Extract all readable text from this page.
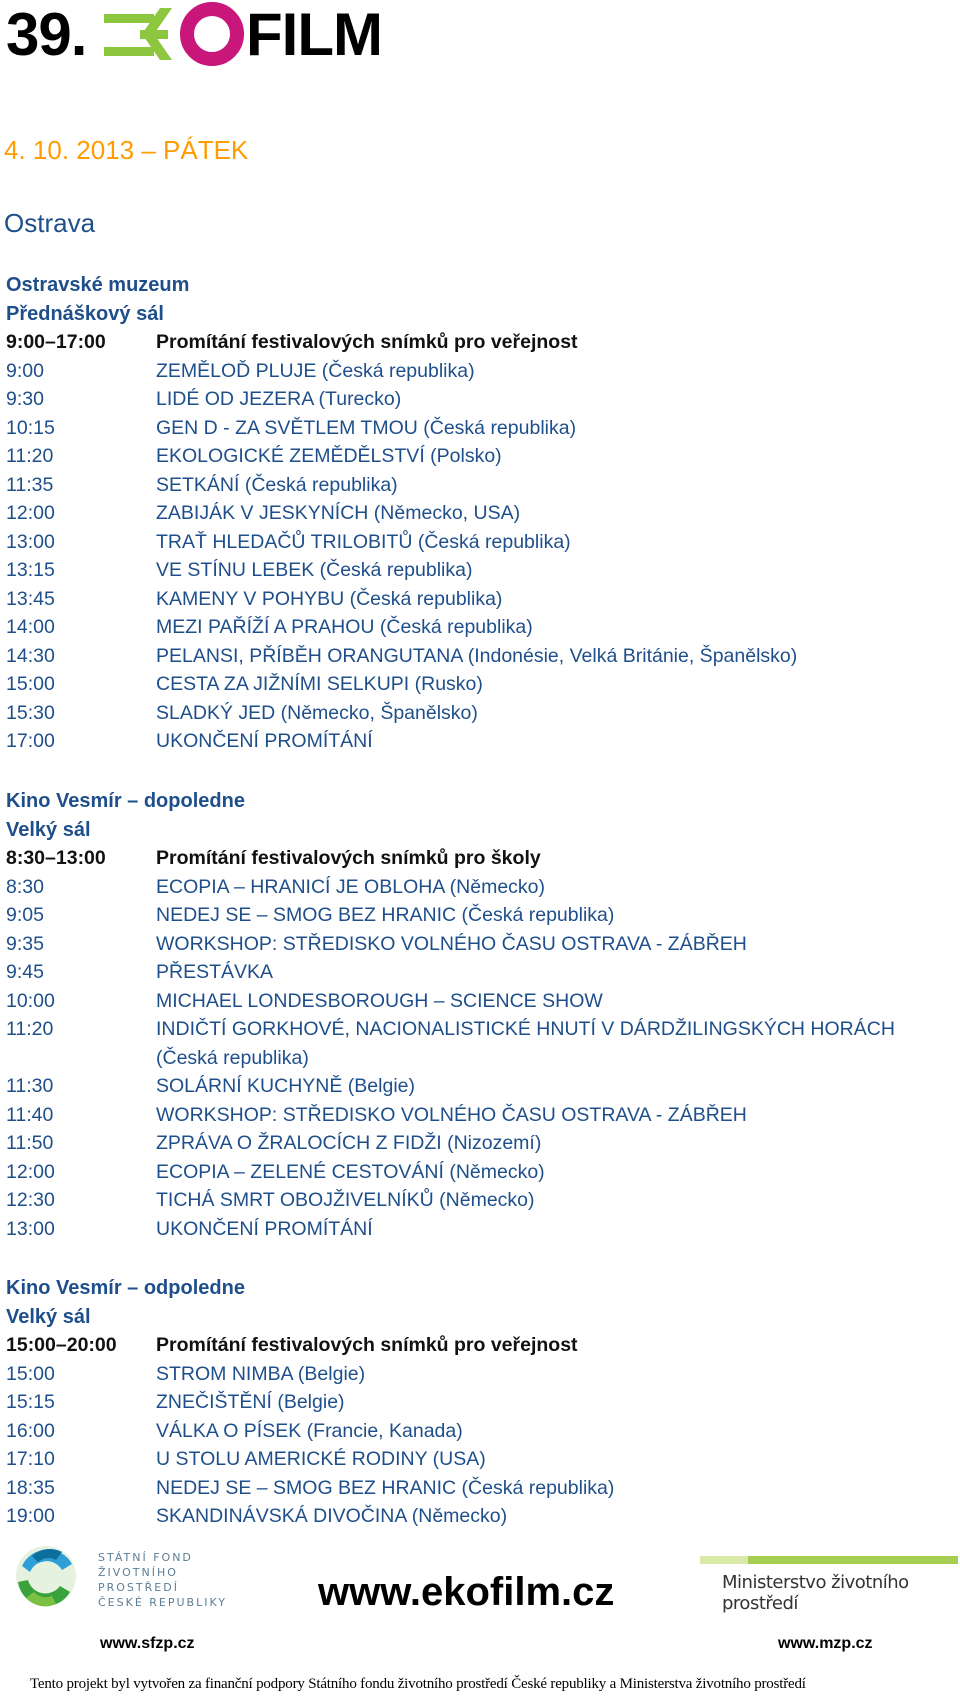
39.	FILM
4. 10. 2013 – PÁTEK
Ostrava
Ostravské muzeum
Přednáškový sál
9:00–17:00	Promítání festivalových snímků pro veřejnost
9:00	ZEMĚLOĎ PLUJE (Česká republika)
9:30	LIDÉ OD JEZERA (Turecko)
10:15	GEN D - ZA SVĚTLEM TMOU (Česká republika)
11:20	EKOLOGICKÉ ZEMĚDĚLSTVÍ (Polsko)
11:35	SETKÁNÍ (Česká republika)
12:00	ZABIJÁK V JESKYNÍCH (Německo, USA)
13:00	TRAŤ HLEDAČŮ TRILOBITŮ (Česká republika)
13:15	VE STÍNU LEBEK (Česká republika)
13:45	KAMENY V POHYBU (Česká republika)
14:00	MEZI PAŘÍŽÍ A PRAHOU (Česká republika)
14:30	PELANSI, PŘÍBĚH ORANGUTANA (Indonésie, Velká Británie, Španělsko)
15:00	CESTA ZA JIŽNÍMI SELKUPI (Rusko)
15:30	SLADKÝ JED (Německo, Španělsko)
17:00	UKONČENÍ PROMÍTÁNÍ
Kino Vesmír – dopoledne
Velký sál
8:30–13:00	Promítání festivalových snímků pro školy
8:30	ECOPIA – HRANICÍ JE OBLOHA (Německo)
9:05	NEDEJ SE – SMOG BEZ HRANIC (Česká republika)
9:35	WORKSHOP: STŘEDISKO VOLNÉHO ČASU OSTRAVA - ZÁBŘEH
9:45	PŘESTÁVKA
10:00	MICHAEL LONDESBOROUGH – SCIENCE SHOW
11:20	INDIČTÍ GORKHOVÉ, NACIONALISTICKÉ HNUTÍ V DÁRDŽILINGSKÝCH HORÁCH (Česká republika)
11:30	SOLÁRNÍ KUCHYNĚ (Belgie)
11:40	WORKSHOP: STŘEDISKO VOLNÉHO ČASU OSTRAVA - ZÁBŘEH
11:50	ZPRÁVA O ŽRALOCÍCH Z FIDŽI (Nizozemí)
12:00	ECOPIA – ZELENÉ CESTOVÁNÍ (Německo)
12:30	TICHÁ SMRT OBOJŽIVELNÍKŮ (Německo)
13:00	UKONČENÍ PROMÍTÁNÍ
Kino Vesmír – odpoledne
Velký sál
15:00–20:00	Promítání festivalových snímků pro veřejnost
15:00	STROM NIMBA (Belgie)
15:15	ZNEČIŠTĚNÍ (Belgie)
16:00	VÁLKA O PÍSEK (Francie, Kanada)
17:10	U STOLU AMERICKÉ RODINY (USA)
18:35	NEDEJ SE – SMOG BEZ HRANIC (Česká republika)
19:00	SKANDINÁVSKÁ DIVOČINA (Německo)
STÁTNÍ FOND
ŽIVOTNÍHO PROSTŘEDÍ
ČESKÉ REPUBLIKY	www.ekofilm.cz	Ministerstvo životního prostředí
www.sfzp.cz	www.mzp.cz
Tento projekt byl vytvořen za finanční podpory Státního fondu životního prostředí České republiky a Ministerstva životního prostředí
